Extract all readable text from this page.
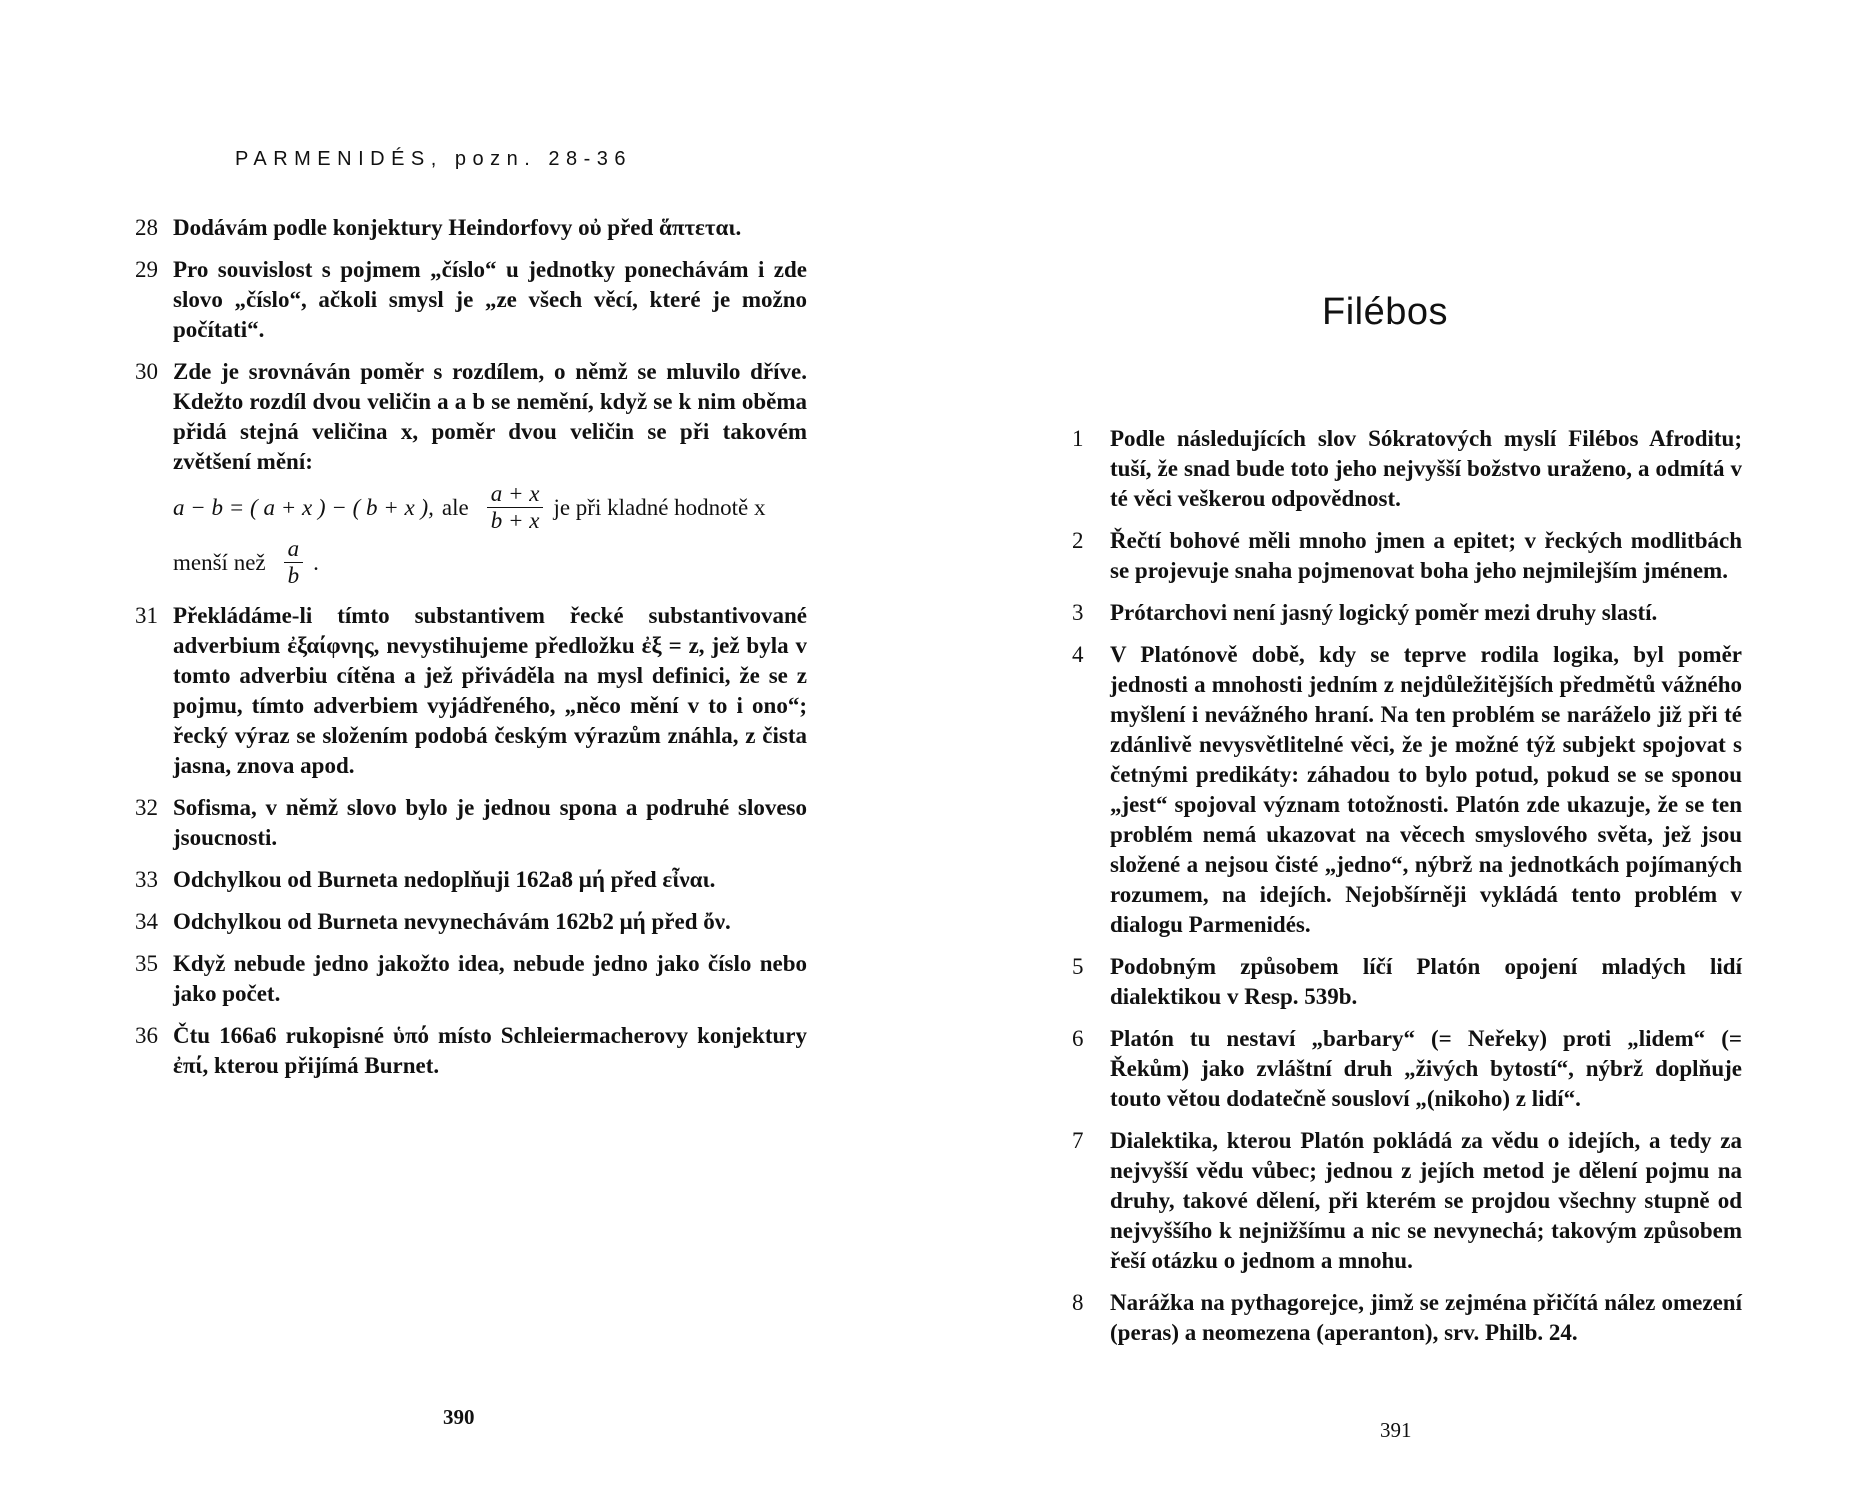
PARMENIDÉS, pozn. 28-36
28 Dodávám podle konjektury Heindorfovy οὐ před ἅπτεται.
29 Pro souvislost s pojmem „číslo“ u jednotky ponechávám i zde slovo „číslo“, ačkoli smysl je „ze všech věcí, které je možno počítati“.
30 Zde je srovnáván poměr s rozdílem, o němž se mluvilo dříve. Kdežto rozdíl dvou veličin a a b se nemění, když se k nim oběma přidá stejná veličina x, poměr dvou veličin se při takovém zvětšení mění:
a − b = ( a + x ) − ( b + x ), ale $\frac{a + x}{b + x}$ je při kladné hodnotě x
menší než $\frac{a}{b}$ .
31 Překládáme-li tímto substantivem řecké substantivované adverbium ἐξαίφνης, nevystihujeme předložku ἐξ = z, jež byla v tomto adverbiu cítěna a jež přiváděla na mysl definici, že se z pojmu, tímto adverbiem vyjádřeného, „něco mění v to i ono“; řecký výraz se složením podobá českým výrazům znáhla, z čista jasna, znova apod.
32 Sofisma, v němž slovo bylo je jednou spona a podruhé sloveso jsoucnosti.
33 Odchylkou od Burneta nedoplňuji 162a8 μή před εἶναι.
34 Odchylkou od Burneta nevynechávám 162b2 μή před ὄν.
35 Když nebude jedno jakožto idea, nebude jedno jako číslo nebo jako počet.
36 Čtu 166a6 rukopisné ὑπό místo Schleiermacherovy konjektury ἐπί, kterou přijímá Burnet.
390
Filébos
1 Podle následujících slov Sókratových myslí Filébos Afroditu; tuší, že snad bude toto jeho nejvyšší božstvo uraženo, a odmítá v té věci veškerou odpovědnost.
2 Řečtí bohové měli mnoho jmen a epitet; v řeckých modlitbách se projevuje snaha pojmenovat boha jeho nejmilejším jménem.
3 Prótarchovi není jasný logický poměr mezi druhy slastí.
4 V Platónově době, kdy se teprve rodila logika, byl poměr jednosti a mnohosti jedním z nejdůležitějších předmětů vážného myšlení i nevážného hraní. Na ten problém se naráželo již při té zdánlivě nevysvětlitelné věci, že je možné týž subjekt spojovat s četnými predikáty: záhadou to bylo potud, pokud se se sponou „jest“ spojoval význam totožnosti. Platón zde ukazuje, že se ten problém nemá ukazovat na věcech smyslového světa, jež jsou složené a nejsou čisté „jedno“, nýbrž na jednotkách pojímaných rozumem, na idejích. Nejobšírněji vykládá tento problém v dialogu Parmenidés.
5 Podobným způsobem líčí Platón opojení mladých lidí dialektikou v Resp. 539b.
6 Platón tu nestaví „barbary“ (= Neřeky) proti „lidem“ (= Řekům) jako zvláštní druh „živých bytostí“, nýbrž doplňuje touto větou dodatečně sousloví „(nikoho) z lidí“.
7 Dialektika, kterou Platón pokládá za vědu o idejích, a tedy za nejvyšší vědu vůbec; jednou z jejích metod je dělení pojmu na druhy, takové dělení, při kterém se projdou všechny stupně od nejvyššího k nejnižšímu a nic se nevynechá; takovým způsobem řeší otázku o jednom a mnohu.
8 Narážka na pythagorejce, jimž se zejména přičítá nález omezení (peras) a neomezena (aperanton), srv. Philb. 24.
391
